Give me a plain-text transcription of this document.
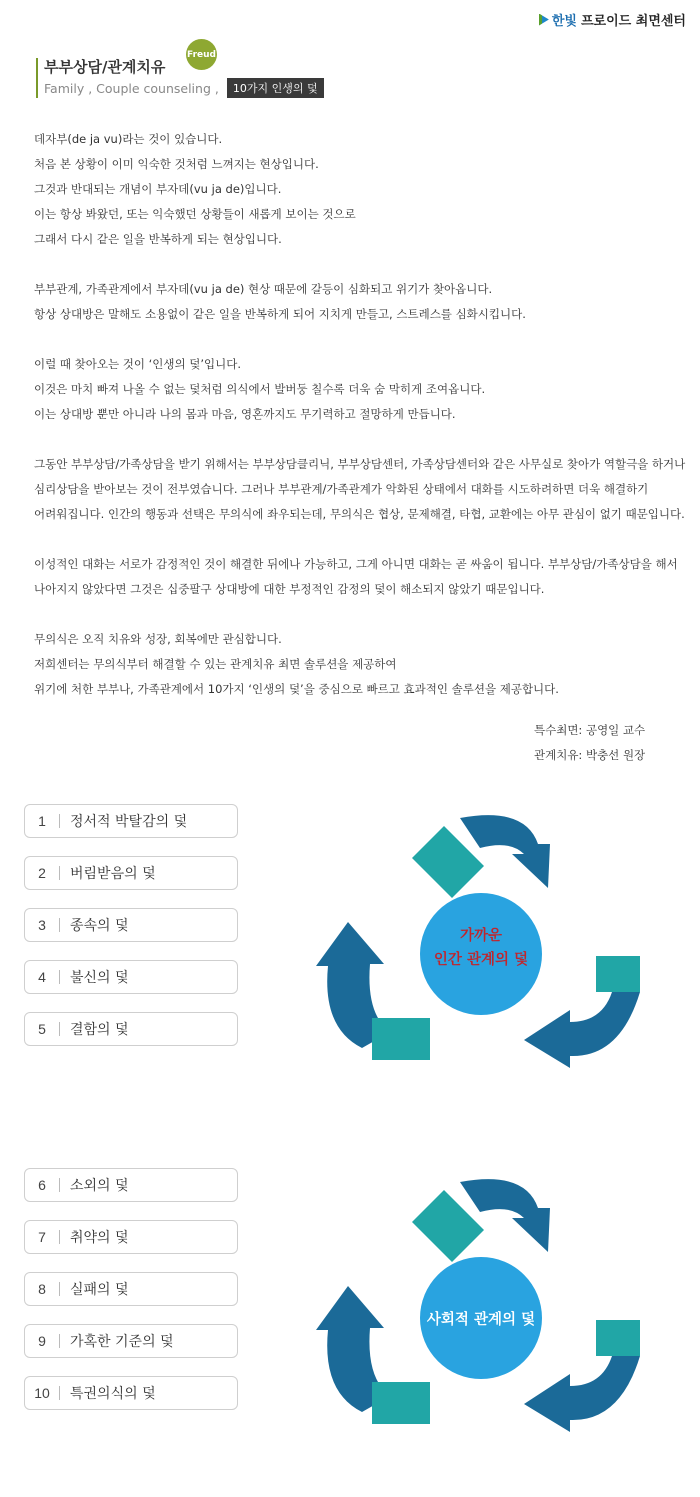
한빛 프로이드 최면센터
Freud
부부상담/관계치유
Family , Couple counseling ,	10가지 인생의 덫

데자부(de ja vu)라는 것이 있습니다.
처음 본 상황이 이미 익숙한 것처럼 느껴지는 현상입니다.
그것과 반대되는 개념이 부자데(vu ja de)입니다.
이는 항상 봐왔던, 또는 익숙했던 상황들이 새롭게 보이는 것으로
그래서 다시 같은 일을 반복하게 되는 현상입니다.

부부관계, 가족관계에서 부자데(vu ja de) 현상 때문에 갈등이 심화되고 위기가 찾아옵니다.
항상 상대방은 말해도 소용없이 같은 일을 반복하게 되어 지치게 만들고, 스트레스를 심화시킵니다.

이럴 때 찾아오는 것이 ‘인생의 덫’입니다.
이것은 마치 빠져 나올 수 없는 덫처럼 의식에서 발버둥 칠수록 더욱 숨 막히게 조여옵니다.
이는 상대방 뿐만 아니라 나의 몸과 마음, 영혼까지도 무기력하고 절망하게 만듭니다.

그동안 부부상담/가족상담을 받기 위해서는 부부상담클리닉, 부부상담센터, 가족상담센터와 같은 사무실로 찾아가 역할극을 하거나
심리상담을 받아보는 것이 전부였습니다. 그러나 부부관계/가족관계가 악화된 상태에서 대화를 시도하려하면 더욱 해결하기
어려워집니다. 인간의 행동과 선택은 무의식에 좌우되는데, 무의식은 협상, 문제해결, 타협, 교환에는 아무 관심이 없기 때문입니다.

이성적인 대화는 서로가 감정적인 것이 해결한 뒤에나 가능하고, 그게 아니면 대화는 곧 싸움이 됩니다. 부부상담/가족상담을 해서
나아지지 않았다면 그것은 십중팔구 상대방에 대한 부정적인 감정의 덫이 해소되지 않았기 때문입니다.

무의식은 오직 치유와 성장, 회복에만 관심합니다.
저희센터는 무의식부터 해결할 수 있는 관계치유 최면 솔루션을 제공하여
위기에 처한 부부나, 가족관계에서 10가지 ‘인생의 덫’을 중심으로 빠르고 효과적인 솔루션을 제공합니다.

특수최면: 공영일 교수
관계치유: 박충선 원장
1	정서적 박탈감의 덫
2	버림받음의 덫
3	종속의 덫
4	불신의 덫
5	결함의 덫
6	소외의 덫
7	취약의 덫
8	실패의 덫
9	가혹한 기준의 덫
10	특권의식의 덫
가까운
인간 관계의 덫
사회적 관계의 덫
